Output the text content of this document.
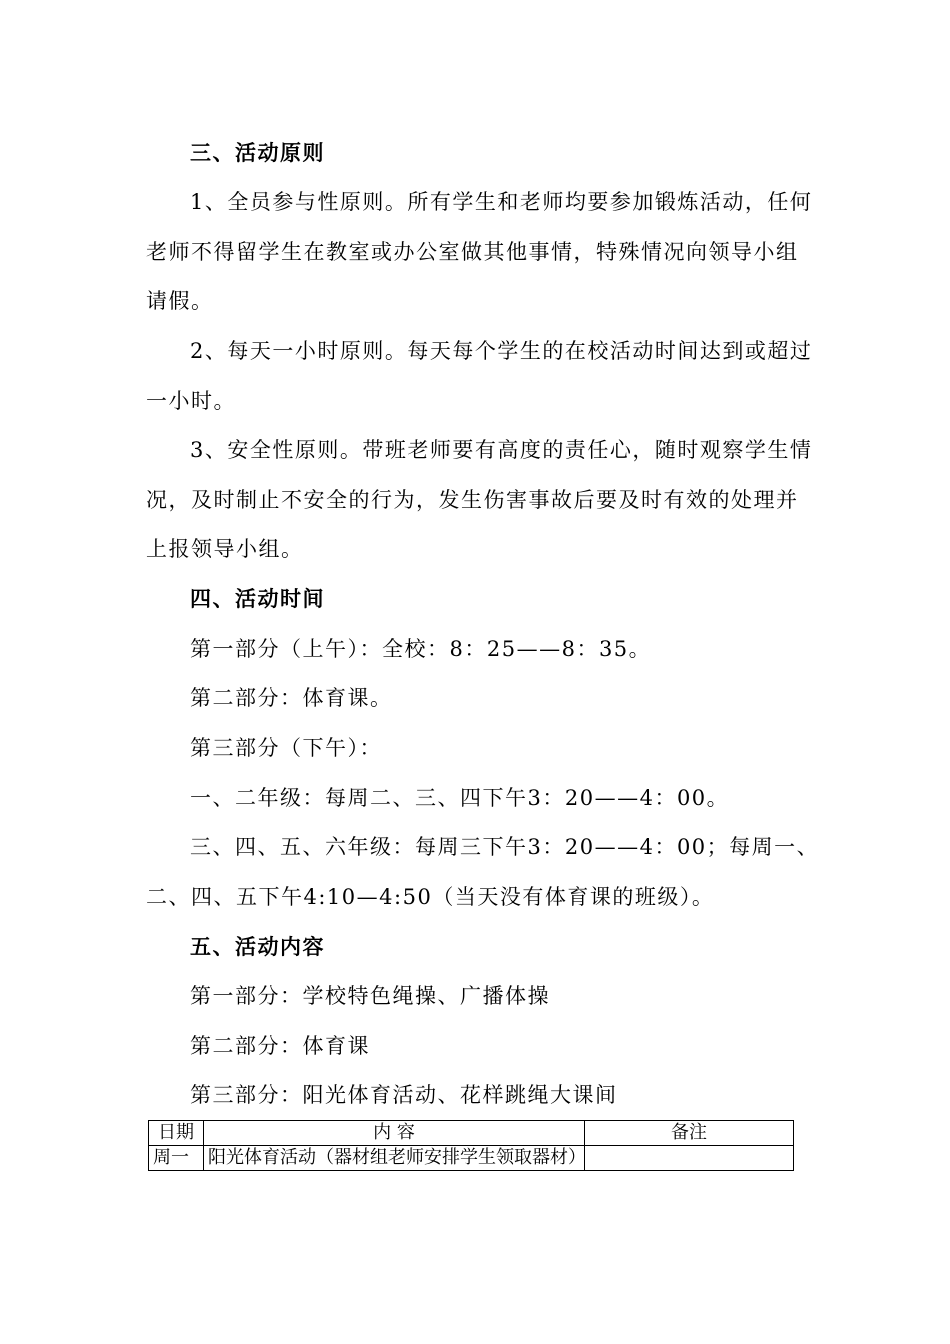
三、活动原则
1、全员参与性原则。所有学生和老师均要参加锻炼活动，任何
老师不得留学生在教室或办公室做其他事情，特殊情况向领导小组
请假。
2、每天一小时原则。每天每个学生的在校活动时间达到或超过
一小时。
3、安全性原则。带班老师要有高度的责任心，随时观察学生情
况，及时制止不安全的行为，发生伤害事故后要及时有效的处理并
上报领导小组。
四、活动时间
第一部分（上午）：全校：8：25——8：35。
第二部分：体育课。
第三部分（下午）：
一、二年级：每周二、三、四下午3：20——4：00。
三、四、五、六年级：每周三下午3：20——4：00；每周一、
二、四、五下午4:10—4:50（当天没有体育课的班级）。
五、活动内容
第一部分：学校特色绳操、广播体操
第二部分：体育课
第三部分：阳光体育活动、花样跳绳大课间
日期	内 容	备注
周一	阳光体育活动（器材组老师安排学生领取器材）	
